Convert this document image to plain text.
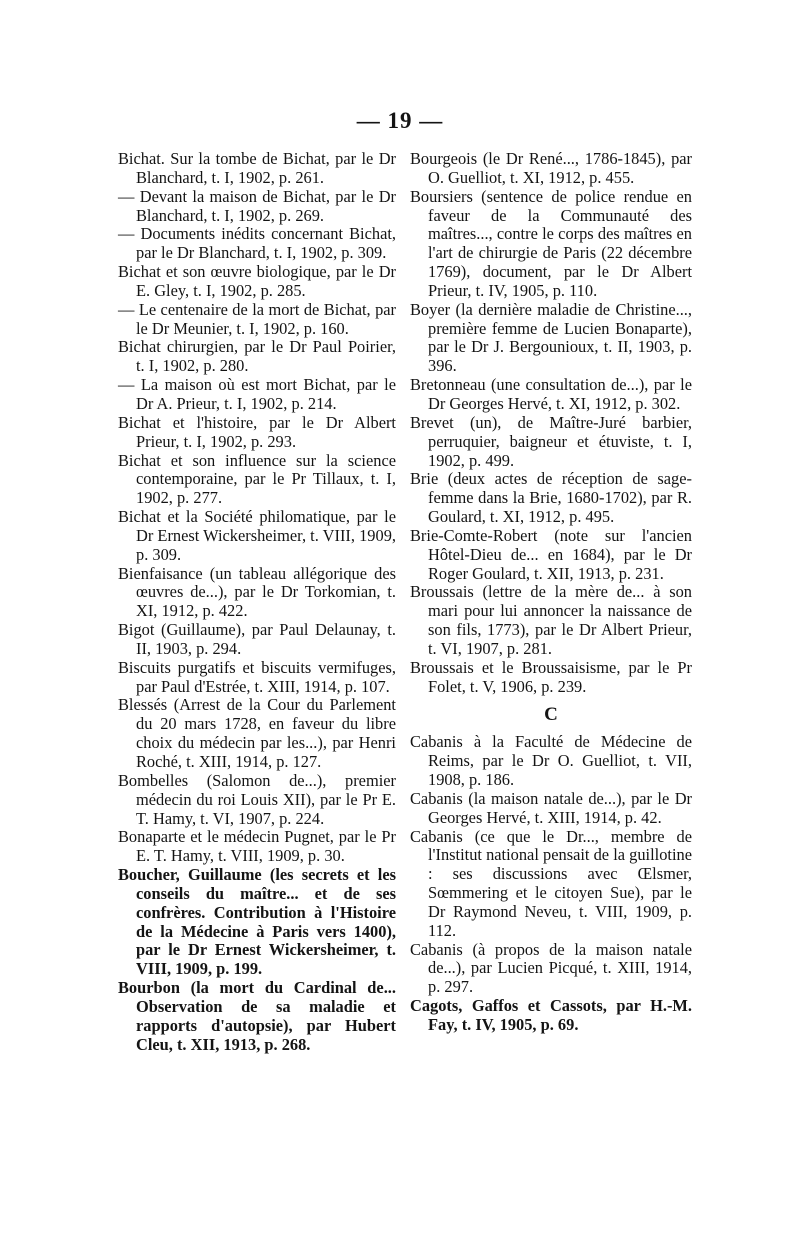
— 19 —
Bichat. Sur la tombe de Bichat, par le Dr Blanchard, t. I, 1902, p. 261.
— Devant la maison de Bichat, par le Dr Blanchard, t. I, 1902, p. 269.
— Documents inédits concernant Bichat, par le Dr Blanchard, t. I, 1902, p. 309.
Bichat et son œuvre biologique, par le Dr E. Gley, t. I, 1902, p. 285.
— Le centenaire de la mort de Bichat, par le Dr Meunier, t. I, 1902, p. 160.
Bichat chirurgien, par le Dr Paul Poirier, t. I, 1902, p. 280.
— La maison où est mort Bichat, par le Dr A. Prieur, t. I, 1902, p. 214.
Bichat et l'histoire, par le Dr Albert Prieur, t. I, 1902, p. 293.
Bichat et son influence sur la science contemporaine, par le Pr Tillaux, t. I, 1902, p. 277.
Bichat et la Société philomatique, par le Dr Ernest Wickersheimer, t. VIII, 1909, p. 309.
Bienfaisance (un tableau allégorique des œuvres de...), par le Dr Torkomian, t. XI, 1912, p. 422.
Bigot (Guillaume), par Paul Delaunay, t. II, 1903, p. 294.
Biscuits purgatifs et biscuits vermifuges, par Paul d'Estrée, t. XIII, 1914, p. 107.
Blessés (Arrest de la Cour du Parlement du 20 mars 1728, en faveur du libre choix du médecin par les...), par Henri Roché, t. XIII, 1914, p. 127.
Bombelles (Salomon de...), premier médecin du roi Louis XII), par le Pr E. T. Hamy, t. VI, 1907, p. 224.
Bonaparte et le médecin Pugnet, par le Pr E. T. Hamy, t. VIII, 1909, p. 30.
Boucher, Guillaume (les secrets et les conseils du maître... et de ses confrères. Contribution à l'Histoire de la Médecine à Paris vers 1400), par le Dr Ernest Wickersheimer, t. VIII, 1909, p. 199.
Bourbon (la mort du Cardinal de... Observation de sa maladie et rapports d'autopsie), par Hubert Cleu, t. XII, 1913, p. 268.
Bourgeois (le Dr René..., 1786-1845), par O. Guelliot, t. XI, 1912, p. 455.
Boursiers (sentence de police rendue en faveur de la Communauté des maîtres..., contre le corps des maîtres en l'art de chirurgie de Paris (22 décembre 1769), document, par le Dr Albert Prieur, t. IV, 1905, p. 110.
Boyer (la dernière maladie de Christine..., première femme de Lucien Bonaparte), par le Dr J. Bergounioux, t. II, 1903, p. 396.
Bretonneau (une consultation de...), par le Dr Georges Hervé, t. XI, 1912, p. 302.
Brevet (un), de Maître-Juré barbier, perruquier, baigneur et étuviste, t. I, 1902, p. 499.
Brie (deux actes de réception de sage-femme dans la Brie, 1680-1702), par R. Goulard, t. XI, 1912, p. 495.
Brie-Comte-Robert (note sur l'ancien Hôtel-Dieu de... en 1684), par le Dr Roger Goulard, t. XII, 1913, p. 231.
Broussais (lettre de la mère de... à son mari pour lui annoncer la naissance de son fils, 1773), par le Dr Albert Prieur, t. VI, 1907, p. 281.
Broussais et le Broussaisisme, par le Pr Folet, t. V, 1906, p. 239.
C
Cabanis à la Faculté de Médecine de Reims, par le Dr O. Guelliot, t. VII, 1908, p. 186.
Cabanis (la maison natale de...), par le Dr Georges Hervé, t. XIII, 1914, p. 42.
Cabanis (ce que le Dr..., membre de l'Institut national pensait de la guillotine : ses discussions avec Œlsmer, Sœmmering et le citoyen Sue), par le Dr Raymond Neveu, t. VIII, 1909, p. 112.
Cabanis (à propos de la maison natale de...), par Lucien Picqué, t. XIII, 1914, p. 297.
Cagots, Gaffos et Cassots, par H.-M. Fay, t. IV, 1905, p. 69.
